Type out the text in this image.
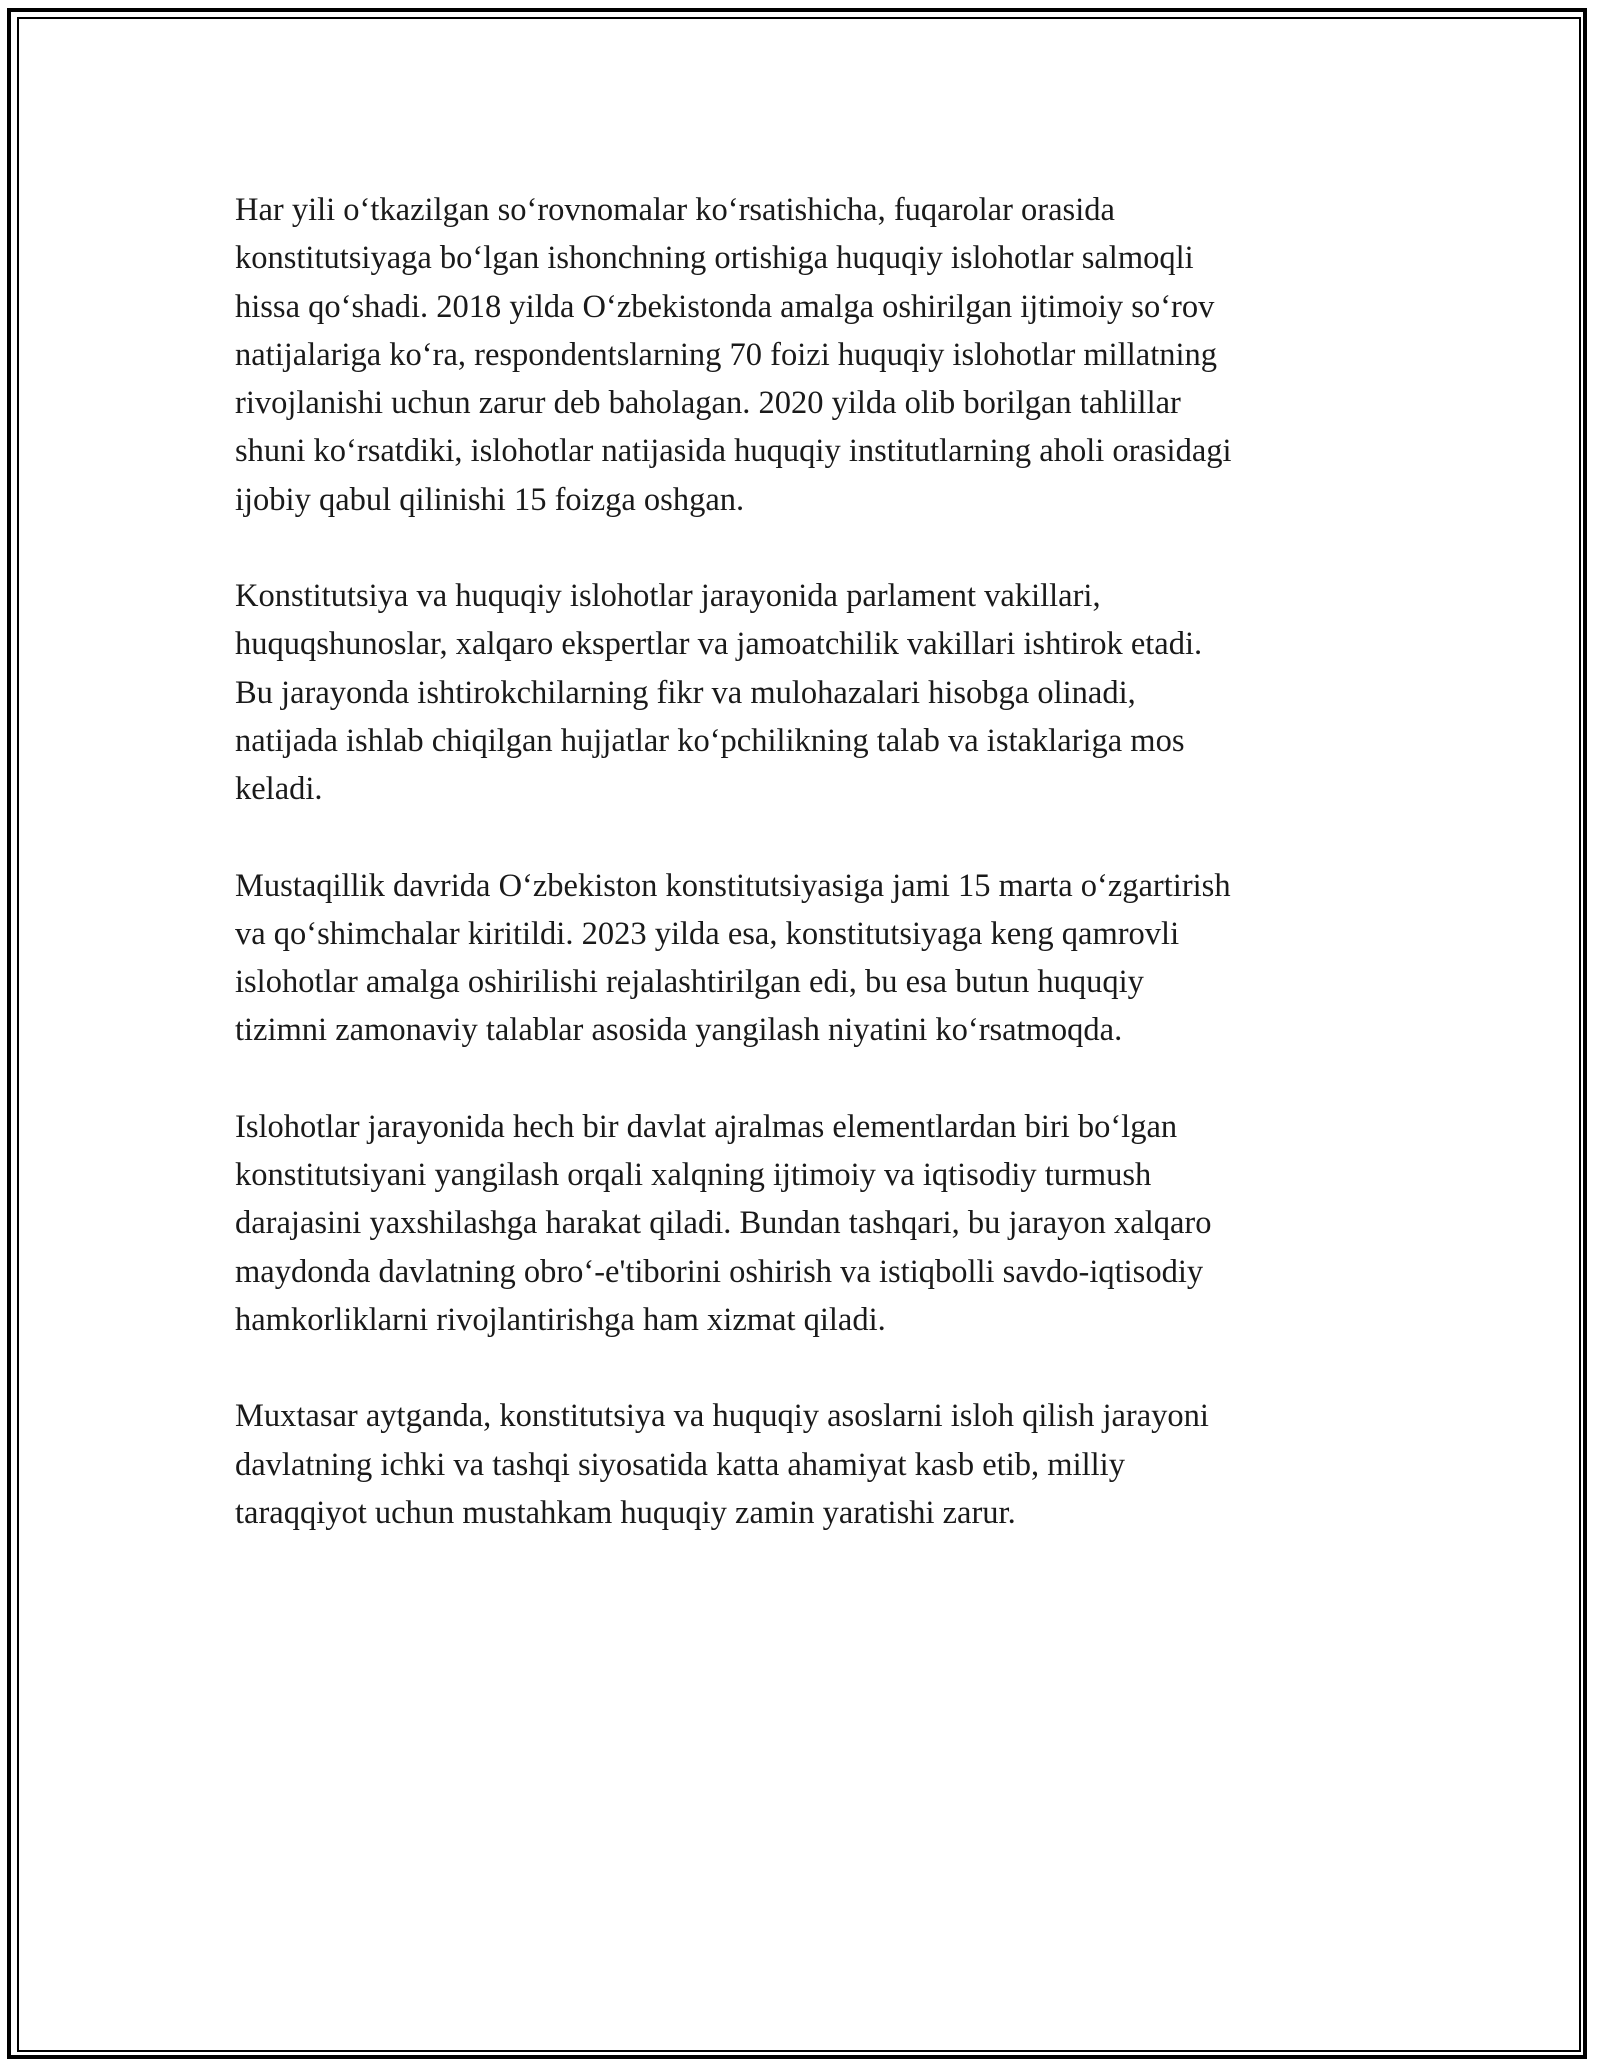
Har yili o‘tkazilgan so‘rovnomalar ko‘rsatishicha, fuqarolar orasida
konstitutsiyaga bo‘lgan ishonchning ortishiga huquqiy islohotlar salmoqli
hissa qo‘shadi. 2018 yilda O‘zbekistonda amalga oshirilgan ijtimoiy so‘rov
natijalariga ko‘ra, respondentslarning 70 foizi huquqiy islohotlar millatning
rivojlanishi uchun zarur deb baholagan. 2020 yilda olib borilgan tahlillar
shuni ko‘rsatdiki, islohotlar natijasida huquqiy institutlarning aholi orasidagi
ijobiy qabul qilinishi 15 foizga oshgan.

Konstitutsiya va huquqiy islohotlar jarayonida parlament vakillari,
huquqshunoslar, xalqaro ekspertlar va jamoatchilik vakillari ishtirok etadi.
Bu jarayonda ishtirokchilarning fikr va mulohazalari hisobga olinadi,
natijada ishlab chiqilgan hujjatlar ko‘pchilikning talab va istaklariga mos
keladi.

Mustaqillik davrida O‘zbekiston konstitutsiyasiga jami 15 marta o‘zgartirish
va qo‘shimchalar kiritildi. 2023 yilda esa, konstitutsiyaga keng qamrovli
islohotlar amalga oshirilishi rejalashtirilgan edi, bu esa butun huquqiy
tizimni zamonaviy talablar asosida yangilash niyatini ko‘rsatmoqda.

Islohotlar jarayonida hech bir davlat ajralmas elementlardan biri bo‘lgan
konstitutsiyani yangilash orqali xalqning ijtimoiy va iqtisodiy turmush
darajasini yaxshilashga harakat qiladi. Bundan tashqari, bu jarayon xalqaro
maydonda davlatning obro‘-e'tiborini oshirish va istiqbolli savdo-iqtisodiy
hamkorliklarni rivojlantirishga ham xizmat qiladi.

Muxtasar aytganda, konstitutsiya va huquqiy asoslarni isloh qilish jarayoni
davlatning ichki va tashqi siyosatida katta ahamiyat kasb etib, milliy
taraqqiyot uchun mustahkam huquqiy zamin yaratishi zarur.
